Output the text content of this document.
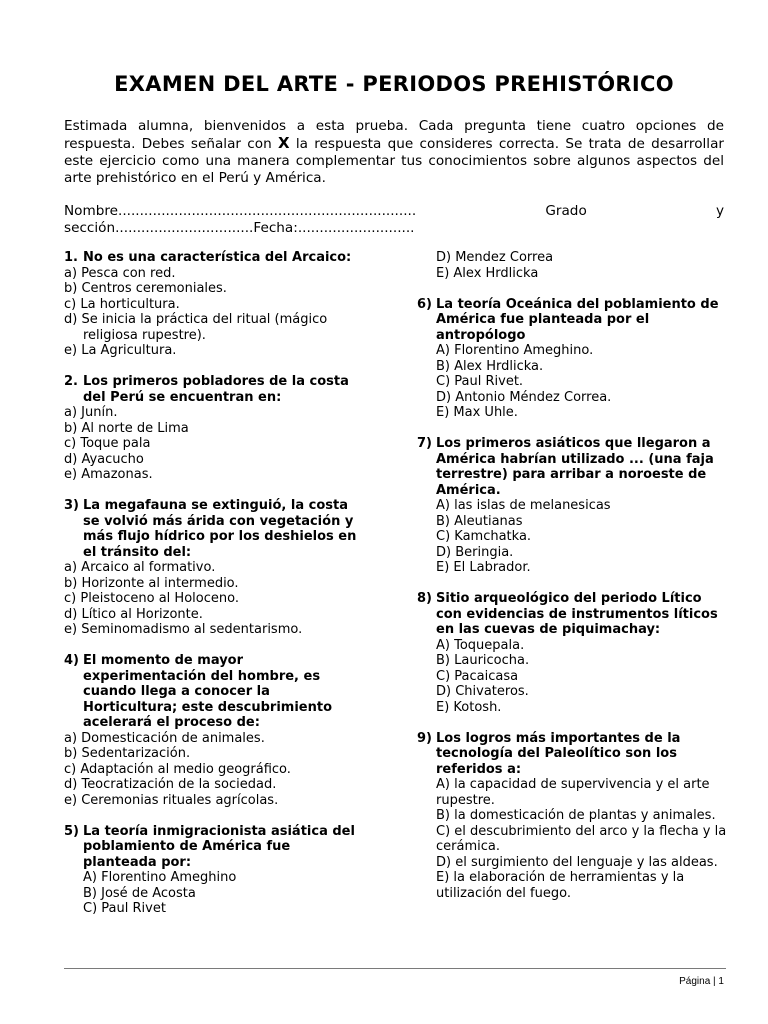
EXAMEN DEL ARTE - PERIODOS PREHISTÓRICO
Estimada alumna, bienvenidos a esta prueba. Cada pregunta tiene cuatro opciones de respuesta. Debes señalar con X la respuesta que consideres correcta. Se trata de desarrollar este ejercicio como una manera complementar tus conocimientos sobre algunos aspectos del arte prehistórico en el Perú y América.
Nombre.....................................................................	Grado	y
sección................................Fecha:...........................
1. No es una característica del Arcaico:
a) Pesca con red.
b) Centros ceremoniales.
c) La horticultura.
d) Se inicia la práctica del ritual (mágico religiosa rupestre).
e) La Agricultura.
2. Los primeros pobladores de la costa del Perú se encuentran en:
a) Junín.
b) Al norte de Lima
c) Toque pala
d) Ayacucho
e) Amazonas.
3) La megafauna se extinguió, la costa se volvió más árida con vegetación y más flujo hídrico por los deshielos en el tránsito del:
a) Arcaico al formativo.
b) Horizonte al intermedio.
c) Pleistoceno al Holoceno.
d) Lítico al Horizonte.
e) Seminomadismo al sedentarismo.
4) El momento de mayor experimentación del hombre, es cuando llega a conocer la Horticultura; este descubrimiento acelerará el proceso de:
a) Domesticación de animales.
b) Sedentarización.
c) Adaptación al medio geográfico.
d) Teocratización de la sociedad.
e) Ceremonias rituales agrícolas.
5) La teoría inmigracionista asiática del poblamiento de América fue planteada por:
A) Florentino Ameghino
B) José de Acosta
C) Paul Rivet
D) Mendez Correa
E) Alex Hrdlicka
6) La teoría Oceánica del poblamiento de América fue planteada por el antropólogo
A) Florentino Ameghino.
B) Alex Hrdlicka.
C) Paul Rivet.
D) Antonio Méndez Correa.
E) Max Uhle.
7) Los primeros asiáticos que llegaron a América habrían utilizado ... (una faja terrestre) para arribar a noroeste de América.
A) las islas de melanesicas
B) Aleutianas
C) Kamchatka.
D) Beringia.
E) El Labrador.
8) Sitio arqueológico del periodo Lítico con evidencias de instrumentos líticos en las cuevas de piquimachay:
A) Toquepala.
B) Lauricocha.
C) Pacaicasa
D) Chivateros.
E) Kotosh.
9) Los logros más importantes de la tecnología del Paleolítico son los referidos a:
A) la capacidad de supervivencia y el arte rupestre.
B) la domesticación de plantas y animales.
C) el descubrimiento del arco y la flecha y la cerámica.
D) el surgimiento del lenguaje y las aldeas.
E) la elaboración de herramientas y la utilización del fuego.
Página | 1
